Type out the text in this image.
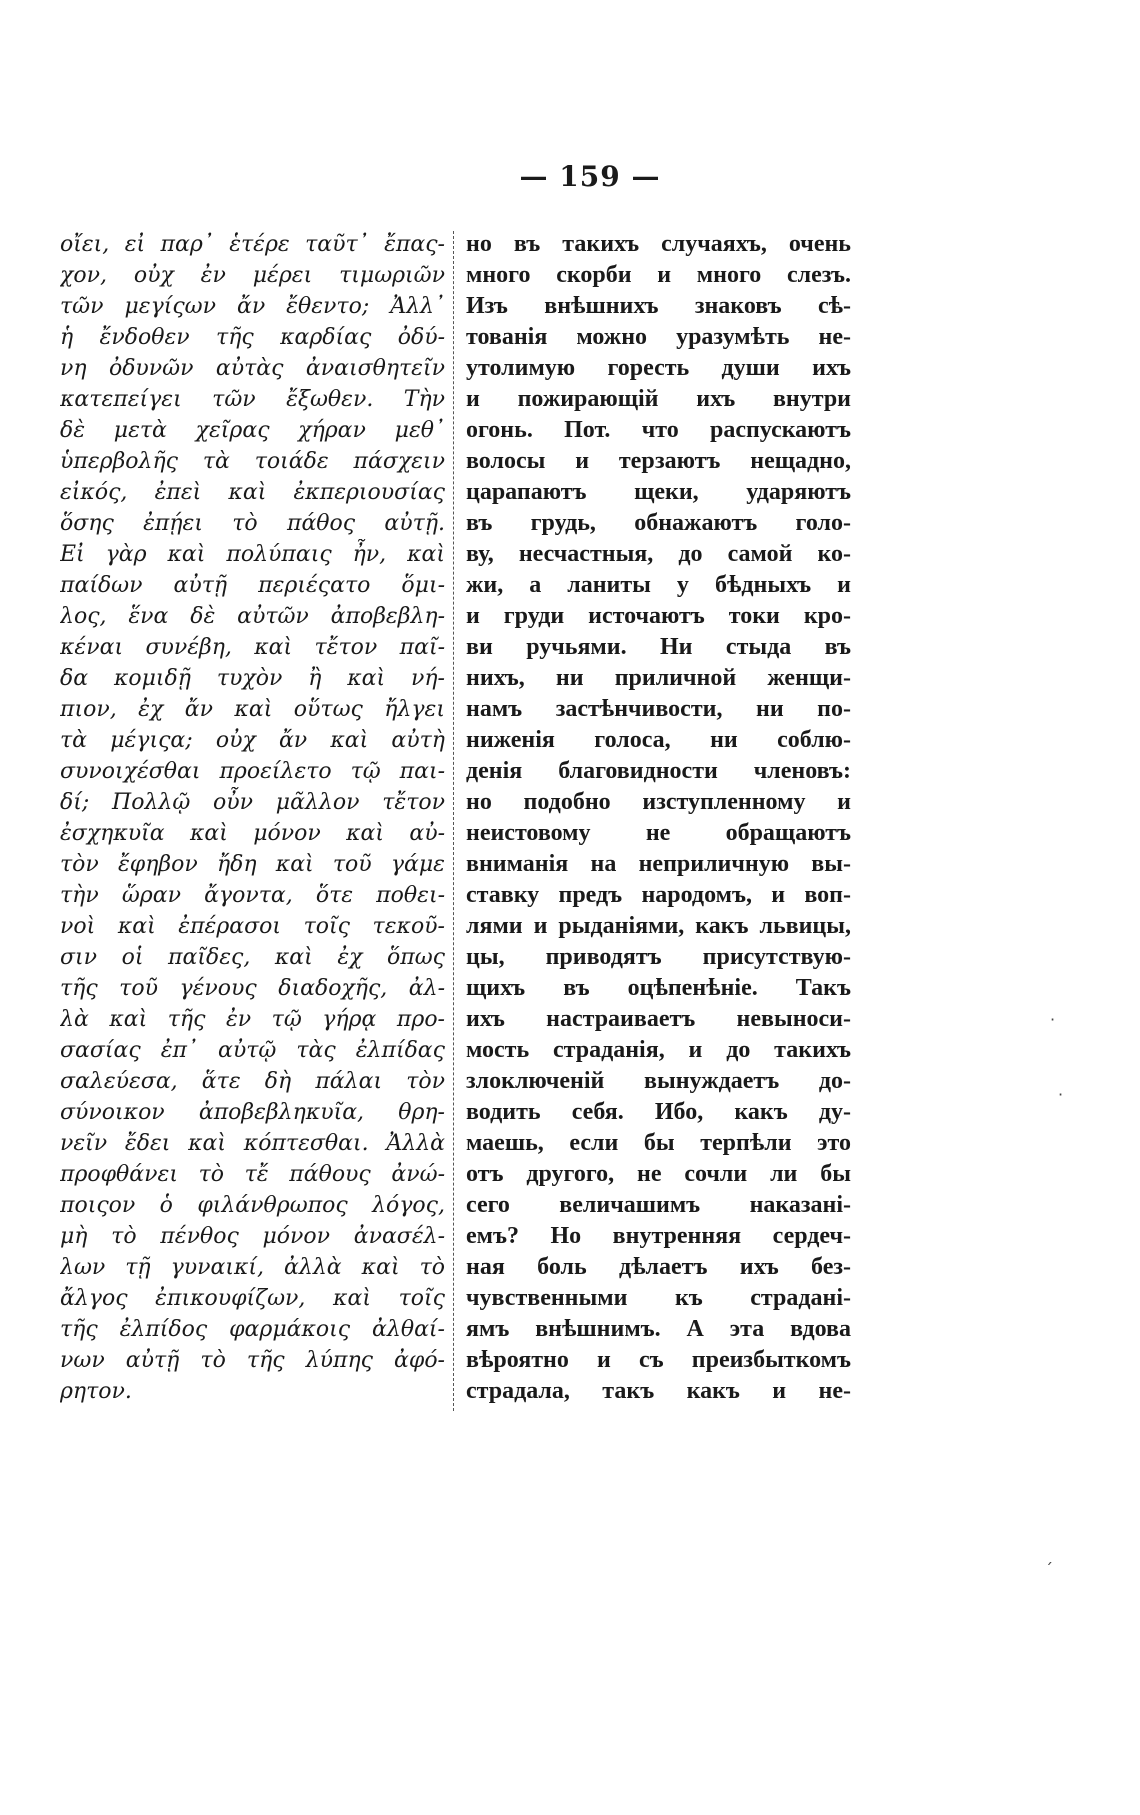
— 159 —
οἴει, εἰ παρ᾽ ἑτέρε ταῦτ᾽ ἔπας-
χον, οὐχ ἐν μέρει τιμωριῶν
τῶν μεγίςων ἄν ἔθεντο; Ἀλλ᾽
ἡ ἔνδοθεν τῆς καρδίας ὀδύ-
νη ὀδυνῶν αὐτὰς ἀναισθητεῖν
κατεπείγει τῶν ἔξωθεν. Τὴν
δὲ μετὰ χεῖρας χήραν μεθ᾽
ὑπερβολῆς τὰ τοιάδε πάσχειν
εἰκός, ἐπεὶ καὶ ἐκπεριουσίας
ὅσης ἐπῄει τὸ πάθος αὐτῇ.
Εἰ γὰρ καὶ πολύπαις ἦν, καὶ
παίδων αὐτῇ περιέςατο ὅμι-
λος, ἕνα δὲ αὐτῶν ἀποβεβλη-
κέναι συνέβη, καὶ τἔτον παῖ-
δα κομιδῇ τυχὸν ἢ καὶ νή-
πιον, ἐχ ἄν καὶ οὕτως ἤλγει
τὰ μέγιςα; οὐχ ἄν καὶ αὐτὴ
συνοιχέσθαι προείλετο τῷ παι-
δί; Πολλῷ οὖν μᾶλλον τἔτον
ἐσχηκυῖα καὶ μόνον καὶ αὐ-
τὸν ἔφηβον ἤδη καὶ τοῦ γάμε
τὴν ὥραν ἄγοντα, ὅτε ποθει-
νοὶ καὶ ἐπέρασοι τοῖς τεκοῦ-
σιν οἱ παῖδες, καὶ ἐχ ὅπως
τῆς τοῦ γένους διαδοχῆς, ἀλ-
λὰ καὶ τῆς ἐν τῷ γήρᾳ προ-
σασίας ἐπ᾽ αὐτῷ τὰς ἐλπίδας
σαλεύεσα, ἅτε δὴ πάλαι τὸν
σύνοικον ἀποβεβληκυῖα, θρη-
νεῖν ἔδει καὶ κόπτεσθαι. Ἀλλὰ
προφθάνει τὸ τἔ πάθους ἀνώ-
ποιςον ὁ φιλάνθρωπος λόγος,
μὴ τὸ πένθος μόνον ἀνασέλ-
λων τῇ γυναικί, ἀλλὰ καὶ τὸ
ἄλγος ἐπικουφίζων, καὶ τοῖς
τῆς ἐλπίδος φαρμάκοις ἀλθαί-
νων αὐτῇ τὸ τῆς λύπης ἀφό-
ρητον.
но въ такихъ случаяхъ, очень
много скорби и много слезъ.
Изъ внѣшнихъ знаковъ сѣ-
тованія можно уразумѣть не-
утолимую горесть души ихъ
и пожирающій ихъ внутри
огонь. Пот. что распускаютъ
волосы и терзаютъ нещадно,
царапаютъ щеки, ударяютъ
въ грудь, обнажаютъ голо-
ву, несчастныя, до самой ко-
жи, а ланиты у бѣдныхъ и
и груди источаютъ токи кро-
ви ручьями. Ни стыда въ
нихъ, ни приличной женщи-
намъ застѣнчивости, ни по-
ниженія голоса, ни соблю-
денія благовидности членовъ:
но подобно изступленному и
неистовому не обращаютъ
вниманія на неприличную вы-
ставку предъ народомъ, и воп-
лями и рыданіями, какъ львицы,
цы, приводятъ присутствую-
щихъ въ оцѣпенѣніе. Такъ
ихъ настраиваетъ невыноси-
мость страданія, и до такихъ
злоключеній вынуждаетъ до-
водить себя. Ибо, какъ ду-
маешь, если бы терпѣли это
отъ другого, не сочли ли бы
сего величашимъ наказані-
емъ? Но внутренняя сердеч-
ная боль дѣлаетъ ихъ без-
чувственными къ страдані-
ямъ внѣшнимъ. А эта вдова
вѣроятно и съ преизбыткомъ
страдала, такъ какъ и не-
·
·
ˊ
